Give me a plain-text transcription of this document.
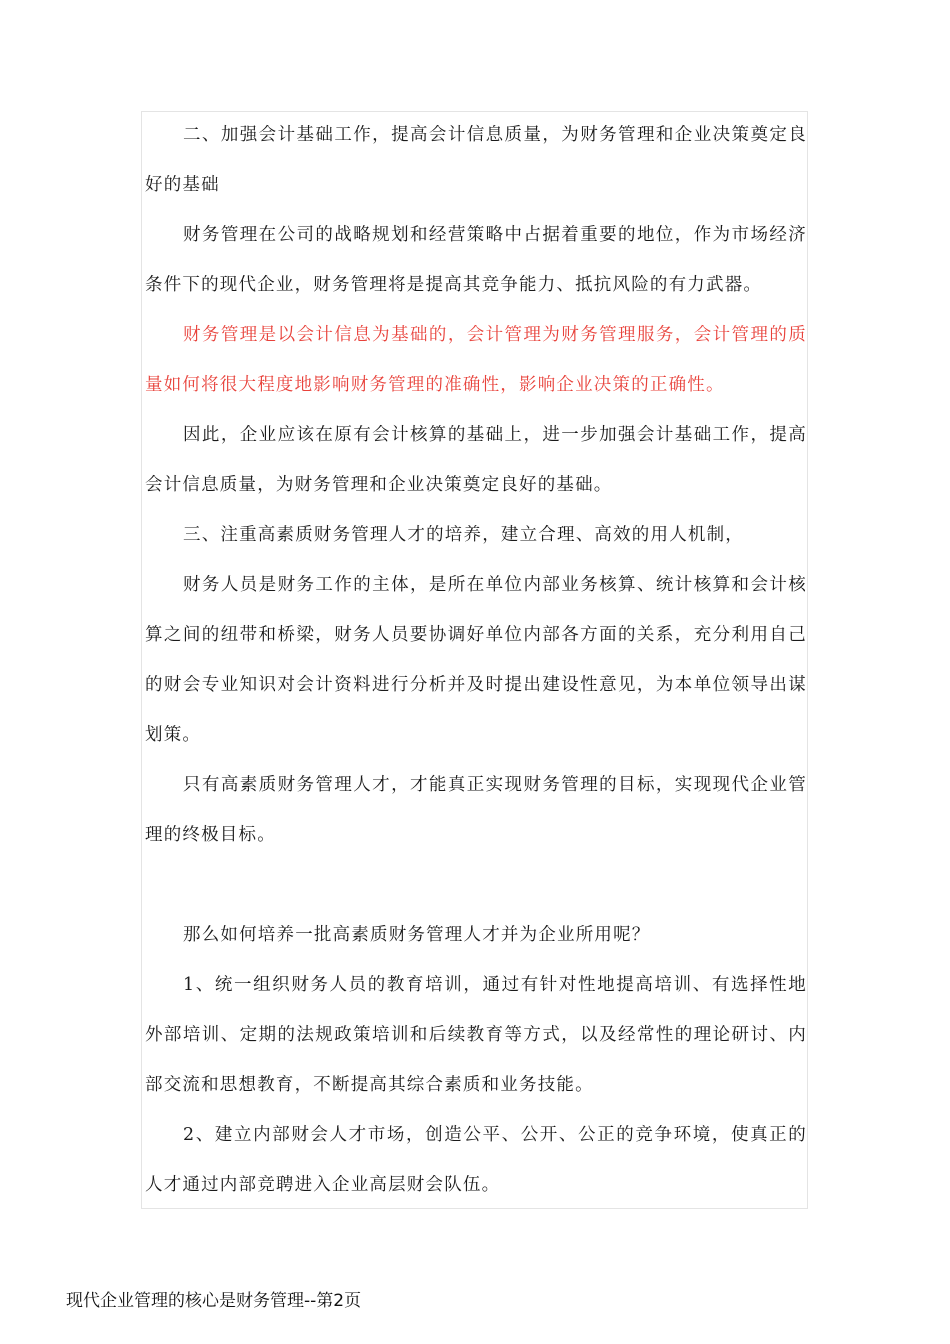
二、加强会计基础工作，提高会计信息质量，为财务管理和企业决策奠定良好的基础

财务管理在公司的战略规划和经营策略中占据着重要的地位，作为市场经济条件下的现代企业，财务管理将是提高其竞争能力、抵抗风险的有力武器。

财务管理是以会计信息为基础的，会计管理为财务管理服务，会计管理的质量如何将很大程度地影响财务管理的准确性，影响企业决策的正确性。

因此，企业应该在原有会计核算的基础上，进一步加强会计基础工作，提高会计信息质量，为财务管理和企业决策奠定良好的基础。

三、注重高素质财务管理人才的培养，建立合理、高效的用人机制，

财务人员是财务工作的主体，是所在单位内部业务核算、统计核算和会计核算之间的纽带和桥梁，财务人员要协调好单位内部各方面的关系，充分利用自己的财会专业知识对会计资料进行分析并及时提出建设性意见，为本单位领导出谋划策。

只有高素质财务管理人才，才能真正实现财务管理的目标，实现现代企业管理的终极目标。

那么如何培养一批高素质财务管理人才并为企业所用呢？

1、统一组织财务人员的教育培训，通过有针对性地提高培训、有选择性地外部培训、定期的法规政策培训和后续教育等方式，以及经常性的理论研讨、内部交流和思想教育，不断提高其综合素质和业务技能。

2、建立内部财会人才市场，创造公平、公开、公正的竞争环境，使真正的人才通过内部竞聘进入企业高层财会队伍。

现代企业管理的核心是财务管理--第2页
